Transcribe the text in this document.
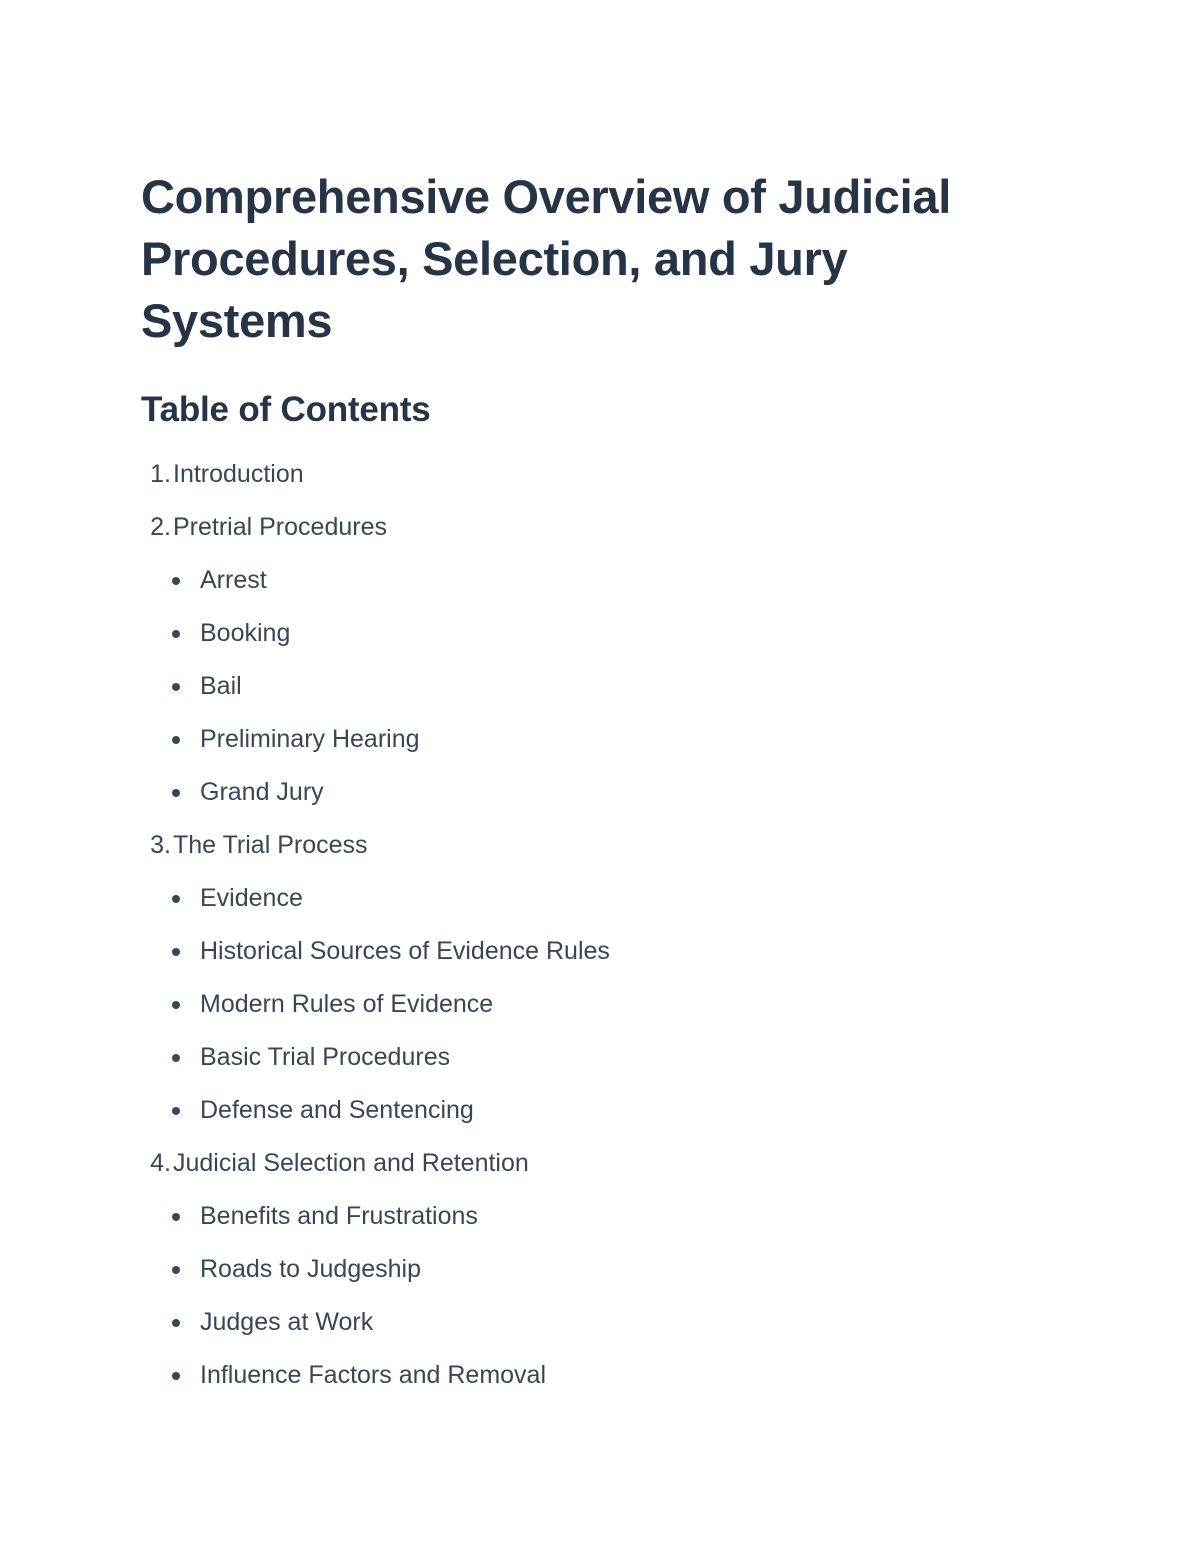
Comprehensive Overview of Judicial Procedures, Selection, and Jury Systems
Table of Contents
1. Introduction
2. Pretrial Procedures
Arrest
Booking
Bail
Preliminary Hearing
Grand Jury
3. The Trial Process
Evidence
Historical Sources of Evidence Rules
Modern Rules of Evidence
Basic Trial Procedures
Defense and Sentencing
4. Judicial Selection and Retention
Benefits and Frustrations
Roads to Judgeship
Judges at Work
Influence Factors and Removal
